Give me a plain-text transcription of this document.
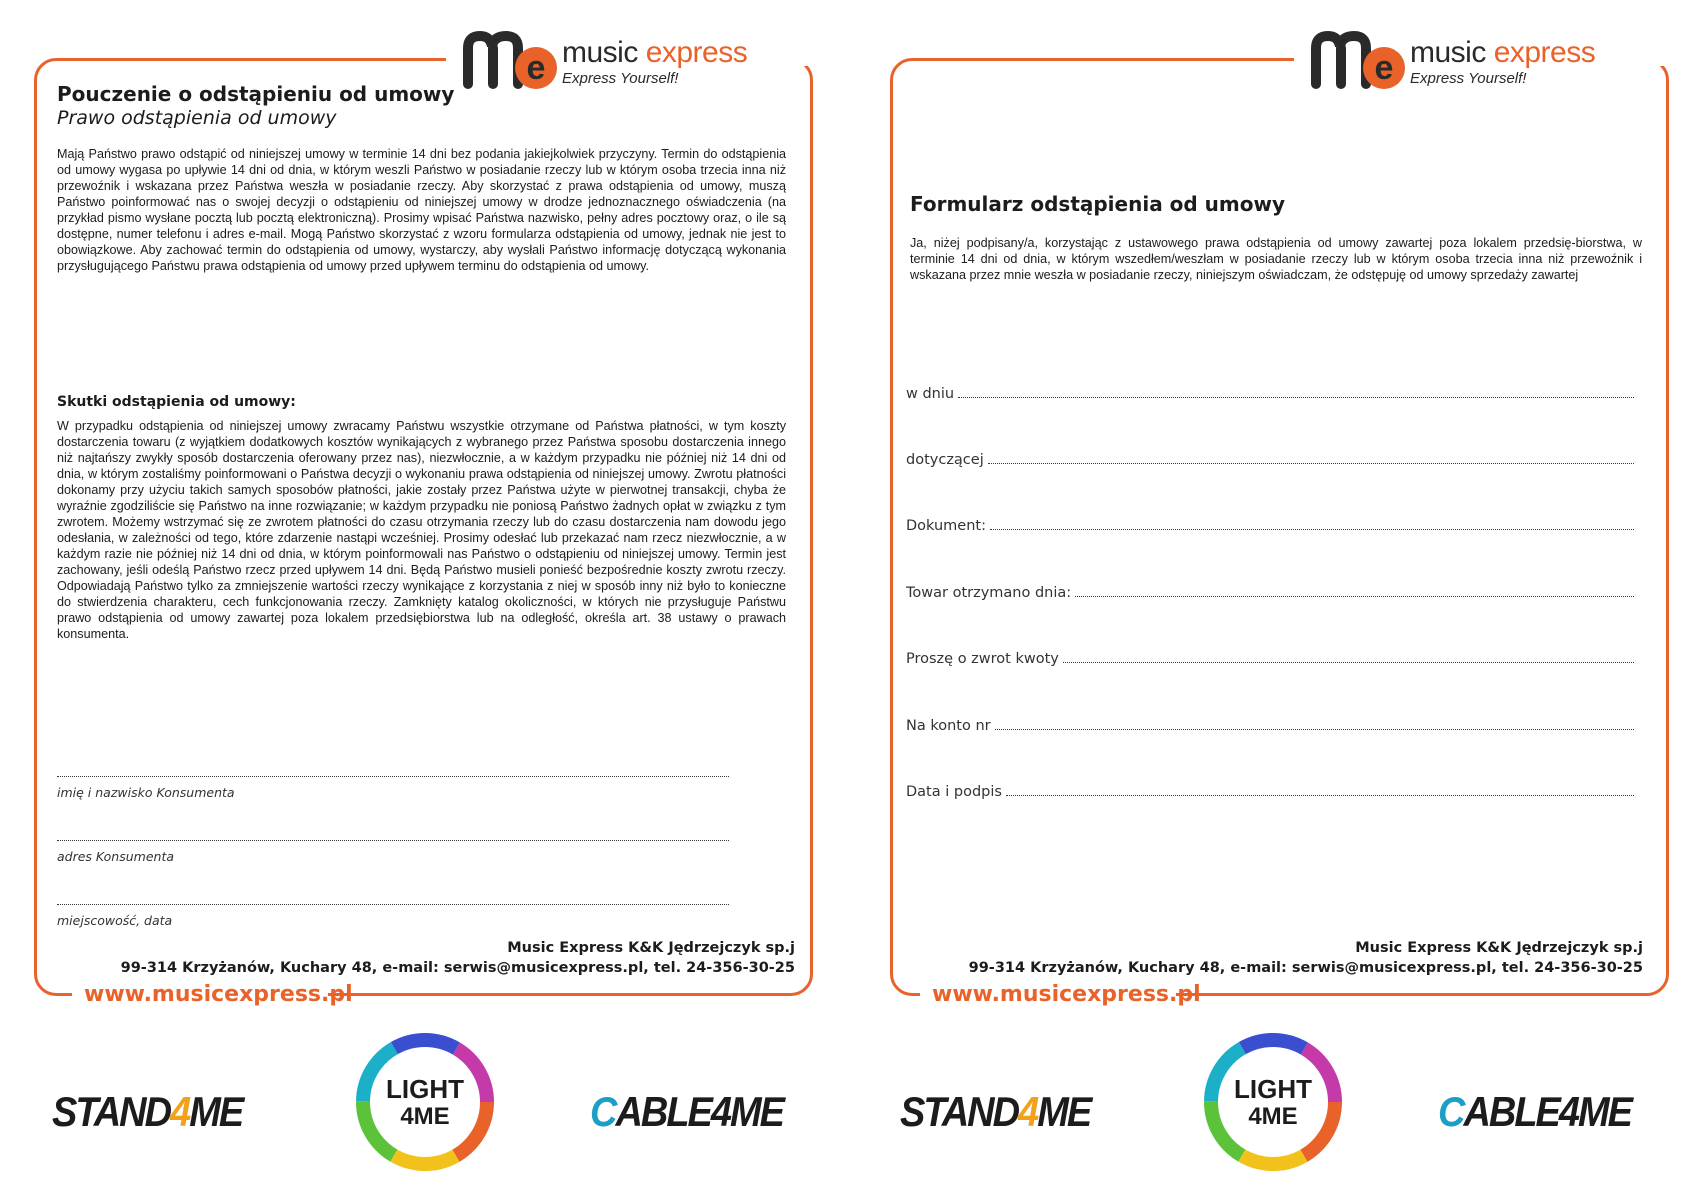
e music express
Express Yourself!
Pouczenie o odstąpieniu od umowy
Prawo odstąpienia od umowy
Mają Państwo prawo odstąpić od niniejszej umowy w terminie 14 dni bez podania jakiejkolwiek przyczyny. Termin do odstąpienia od umowy wygasa po upływie 14 dni od dnia, w którym weszli Państwo w posiadanie rzeczy lub w którym osoba trzecia inna niż przewoźnik i wskazana przez Państwa weszła w posiadanie rzeczy. Aby skorzystać z prawa odstąpienia od umowy, muszą Państwo poinformować nas o swojej decyzji o odstąpieniu od niniejszej umowy w drodze jednoznacznego oświadczenia (na przykład pismo wysłane pocztą lub pocztą elektroniczną). Prosimy wpisać Państwa nazwisko, pełny adres pocztowy oraz, o ile są dostępne, numer telefonu i adres e-mail. Mogą Państwo skorzystać z wzoru formularza odstąpienia od umowy, jednak nie jest to obowiązkowe. Aby zachować termin do odstąpienia od umowy, wystarczy, aby wysłali Państwo informację dotyczącą wykonania przysługującego Państwu prawa odstąpienia od umowy przed upływem terminu do odstąpienia od umowy.
Skutki odstąpienia od umowy:
W przypadku odstąpienia od niniejszej umowy zwracamy Państwu wszystkie otrzymane od Państwa płatności, w tym koszty dostarczenia towaru (z wyjątkiem dodatkowych kosztów wynikających z wybranego przez Państwa sposobu dostarczenia innego niż najtańszy zwykły sposób dostarczenia oferowany przez nas), niezwłocznie, a w każdym przypadku nie później niż 14 dni od dnia, w którym zostaliśmy poinformowani o Państwa decyzji o wykonaniu prawa odstąpienia od niniejszej umowy. Zwrotu płatności dokonamy przy użyciu takich samych sposobów płatności, jakie zostały przez Państwa użyte w pierwotnej transakcji, chyba że wyraźnie zgodziliście się Państwo na inne rozwiązanie; w każdym przypadku nie poniosą Państwo żadnych opłat w związku z tym zwrotem. Możemy wstrzymać się ze zwrotem płatności do czasu otrzymania rzeczy lub do czasu dostarczenia nam dowodu jego odesłania, w zależności od tego, które zdarzenie nastąpi wcześniej. Prosimy odesłać lub przekazać nam rzecz niezwłocznie, a w każdym razie nie później niż 14 dni od dnia, w którym poinformowali nas Państwo o odstąpieniu od niniejszej umowy. Termin jest zachowany, jeśli odeślą Państwo rzecz przed upływem 14 dni. Będą Państwo musieli ponieść bezpośrednie koszty zwrotu rzeczy. Odpowiadają Państwo tylko za zmniejszenie wartości rzeczy wynikające z korzystania z niej w sposób inny niż było to konieczne do stwierdzenia charakteru, cech funkcjonowania rzeczy. Zamknięty katalog okoliczności, w których nie przysługuje Państwu prawo odstąpienia od umowy zawartej poza lokalem przedsiębiorstwa lub na odległość, określa art. 38 ustawy o prawach konsumenta.
imię i nazwisko Konsumenta
adres Konsumenta
miejscowość, data
Music Express K&K Jędrzejczyk sp.j
99-314 Krzyżanów, Kuchary 48, e-mail: serwis@musicexpress.pl, tel. 24-356-30-25
www.musicexpress.pl
STAND4ME
LIGHT
4ME	CABLE4ME
e music express
Express Yourself!
Formularz odstąpienia od umowy
Ja, niżej podpisany/a, korzystając z ustawowego prawa odstąpienia od umowy zawartej poza lokalem przedsię-biorstwa, w terminie 14 dni od dnia, w którym wszedłem/weszłam w posiadanie rzeczy lub w którym osoba trzecia inna niż przewoźnik i wskazana przez mnie weszła w posiadanie rzeczy, niniejszym oświadczam, że odstępuję od umowy sprzedaży zawartej
w dniu
dotyczącej
Dokument:
Towar otrzymano dnia:
Proszę o zwrot kwoty
Na konto nr
Data i podpis
Music Express K&K Jędrzejczyk sp.j
99-314 Krzyżanów, Kuchary 48, e-mail: serwis@musicexpress.pl, tel. 24-356-30-25
www.musicexpress.pl
STAND4ME
LIGHT
4ME	CABLE4ME
